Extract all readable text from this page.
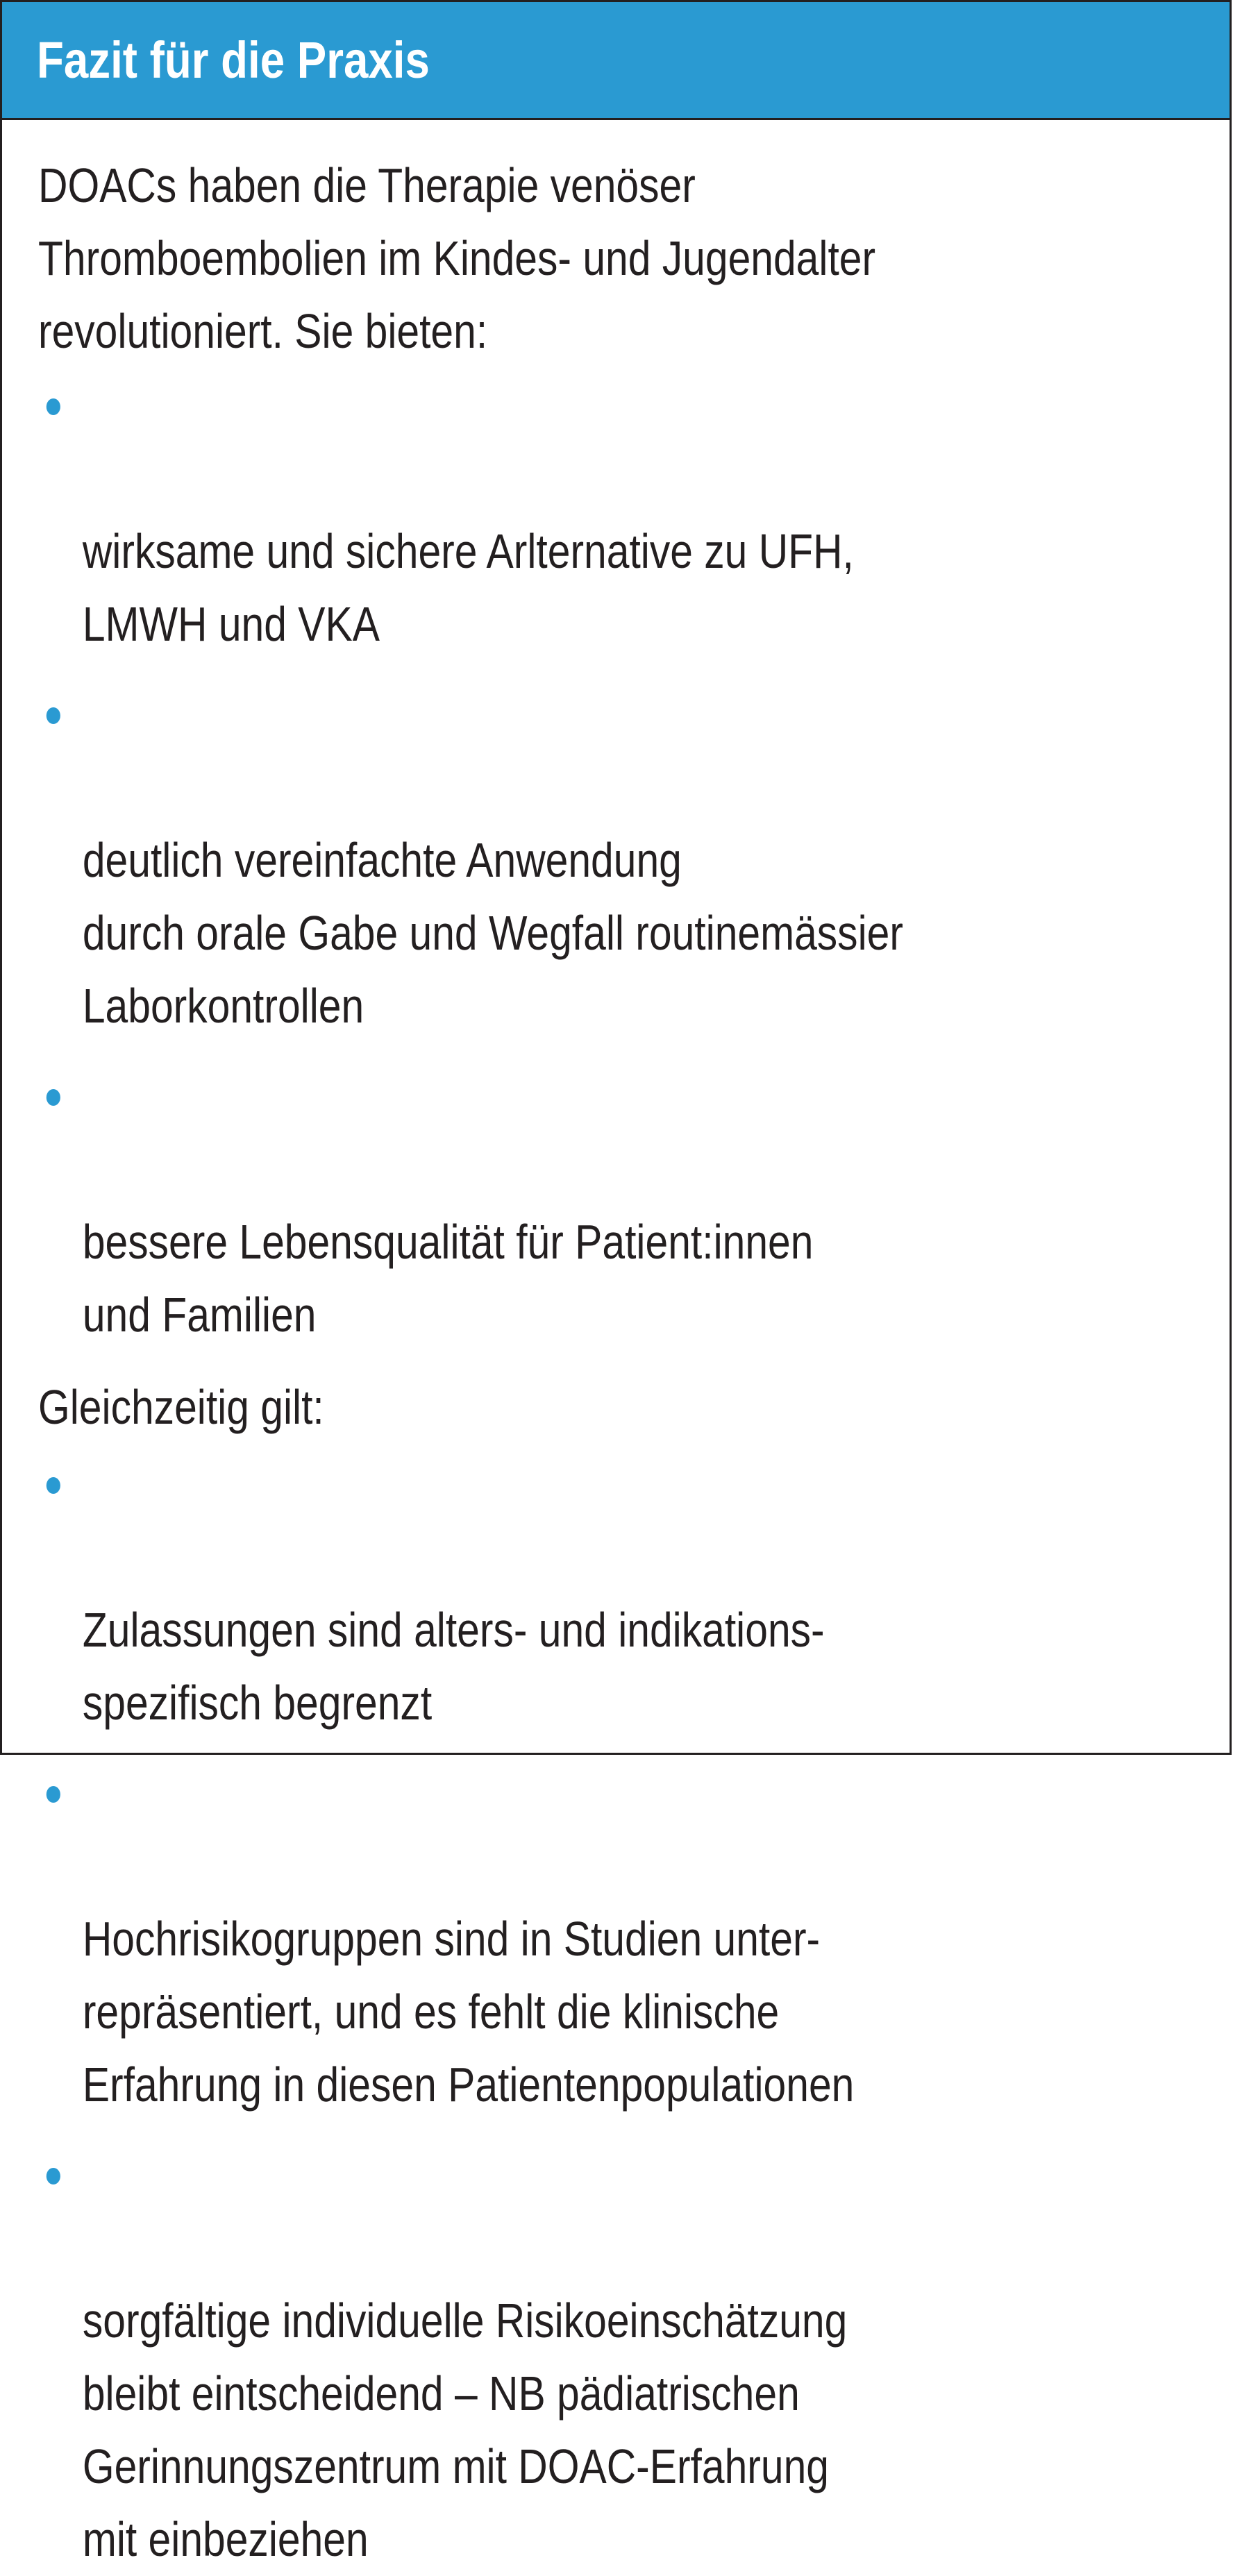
Fazit für die Praxis

DOACs haben die Therapie venöser
Thromboembolien im Kindes- und Jugendalter
revolutioniert. Sie bieten:

wirksame und sichere Arlternative zu UFH,
LMWH und VKA

deutlich vereinfachte Anwendung
durch orale Gabe und Wegfall routinemässier
Laborkontrollen

bessere Lebensqualität für Patient:innen
und Familien

Gleichzeitig gilt:

Zulassungen sind alters- und indikations-
spezifisch begrenzt

Hochrisikogruppen sind in Studien unter-
repräsentiert, und es fehlt die klinische
Erfahrung in diesen Patientenpopulationen

sorgfältige individuelle Risikoeinschätzung
bleibt eintscheidend – NB pädiatrischen
Gerinnungszentrum mit DOAC-Erfahrung
mit einbeziehen
